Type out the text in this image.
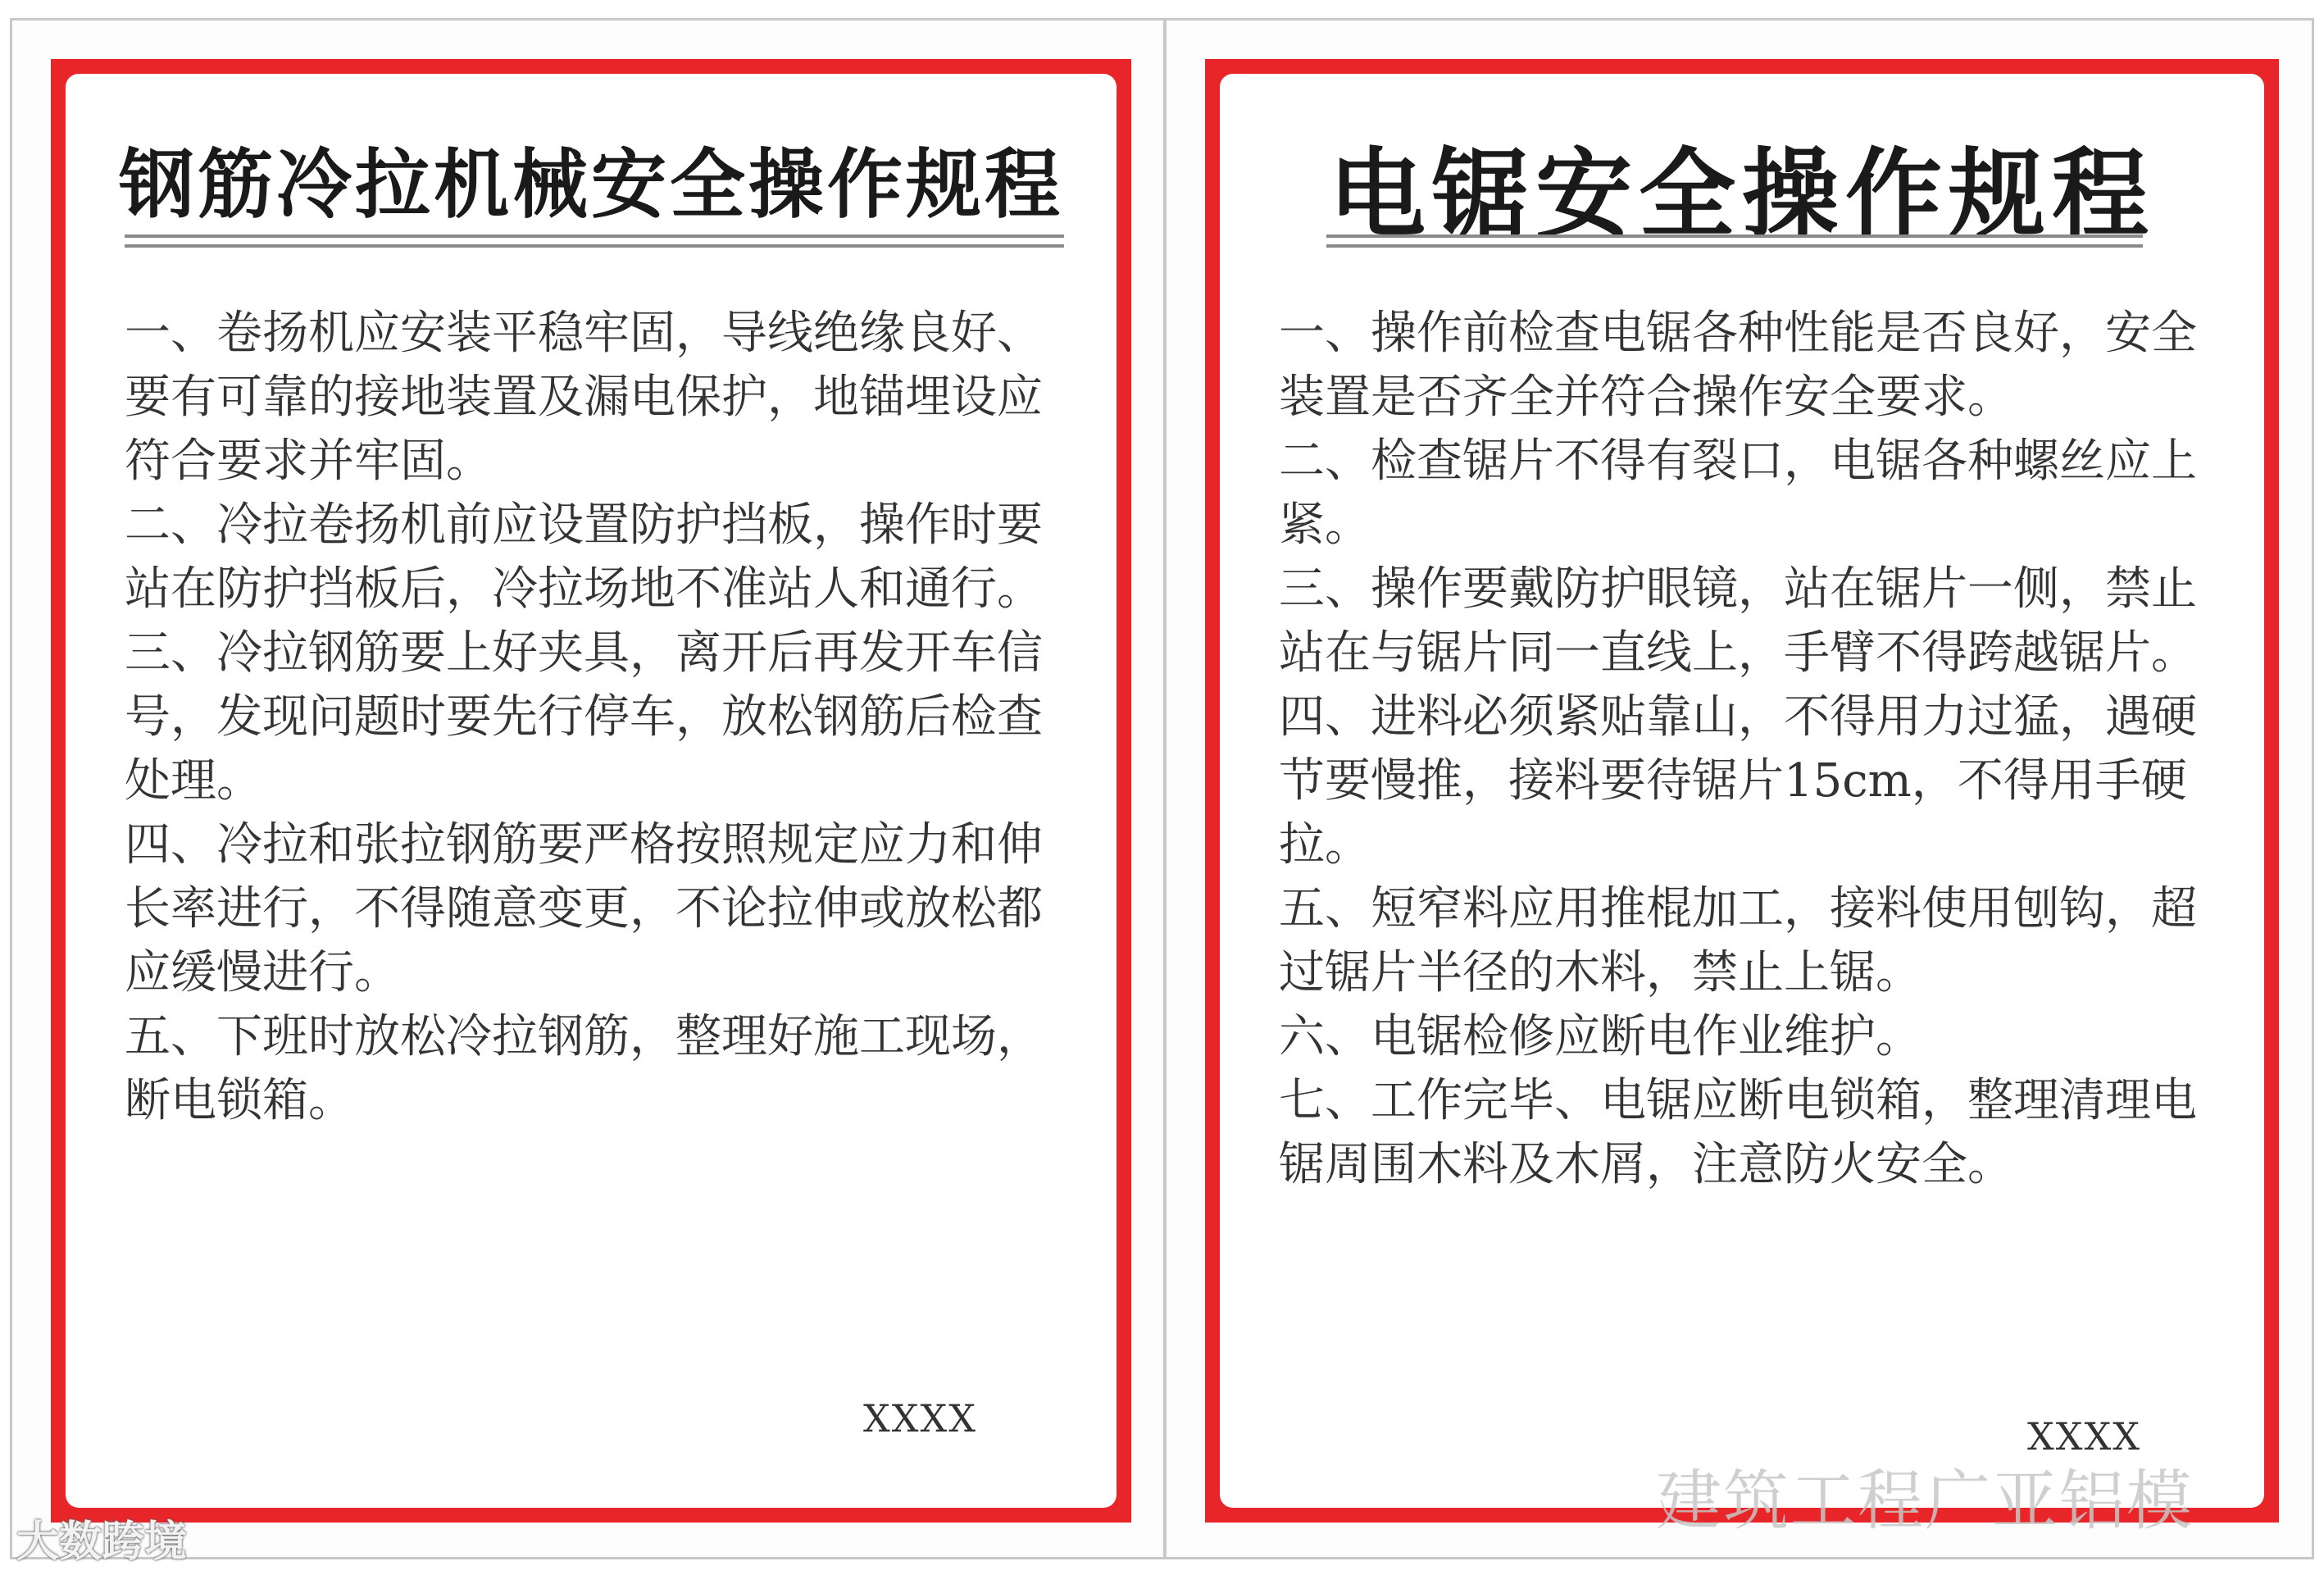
钢筋冷拉机械安全操作规程

一、卷扬机应安装平稳牢固，导线绝缘良好、要有可靠的接地装置及漏电保护，地锚埋设应符合要求并牢固。

二、冷拉卷扬机前应设置防护挡板，操作时要站在防护挡板后，冷拉场地不准站人和通行。

三、冷拉钢筋要上好夹具，离开后再发开车信号，发现问题时要先行停车，放松钢筋后检查处理。

四、冷拉和张拉钢筋要严格按照规定应力和伸长率进行，不得随意变更，不论拉伸或放松都应缓慢进行。

五、下班时放松冷拉钢筋，整理好施工现场，断电锁箱。

XXXX
电锯安全操作规程

一、操作前检查电锯各种性能是否良好，安全装置是否齐全并符合操作安全要求。

二、检查锯片不得有裂口，电锯各种螺丝应上紧。

三、操作要戴防护眼镜，站在锯片一侧，禁止站在与锯片同一直线上，手臂不得跨越锯片。

四、进料必须紧贴靠山，不得用力过猛，遇硬节要慢推，接料要待锯片15cm，不得用手硬拉。

五、短窄料应用推棍加工，接料使用刨钩，超过锯片半径的木料，禁止上锯。

六、电锯检修应断电作业维护。

七、工作完毕、电锯应断电锁箱，整理清理电锯周围木料及木屑，注意防火安全。

XXXX
大数跨境
建筑工程广亚铝模
